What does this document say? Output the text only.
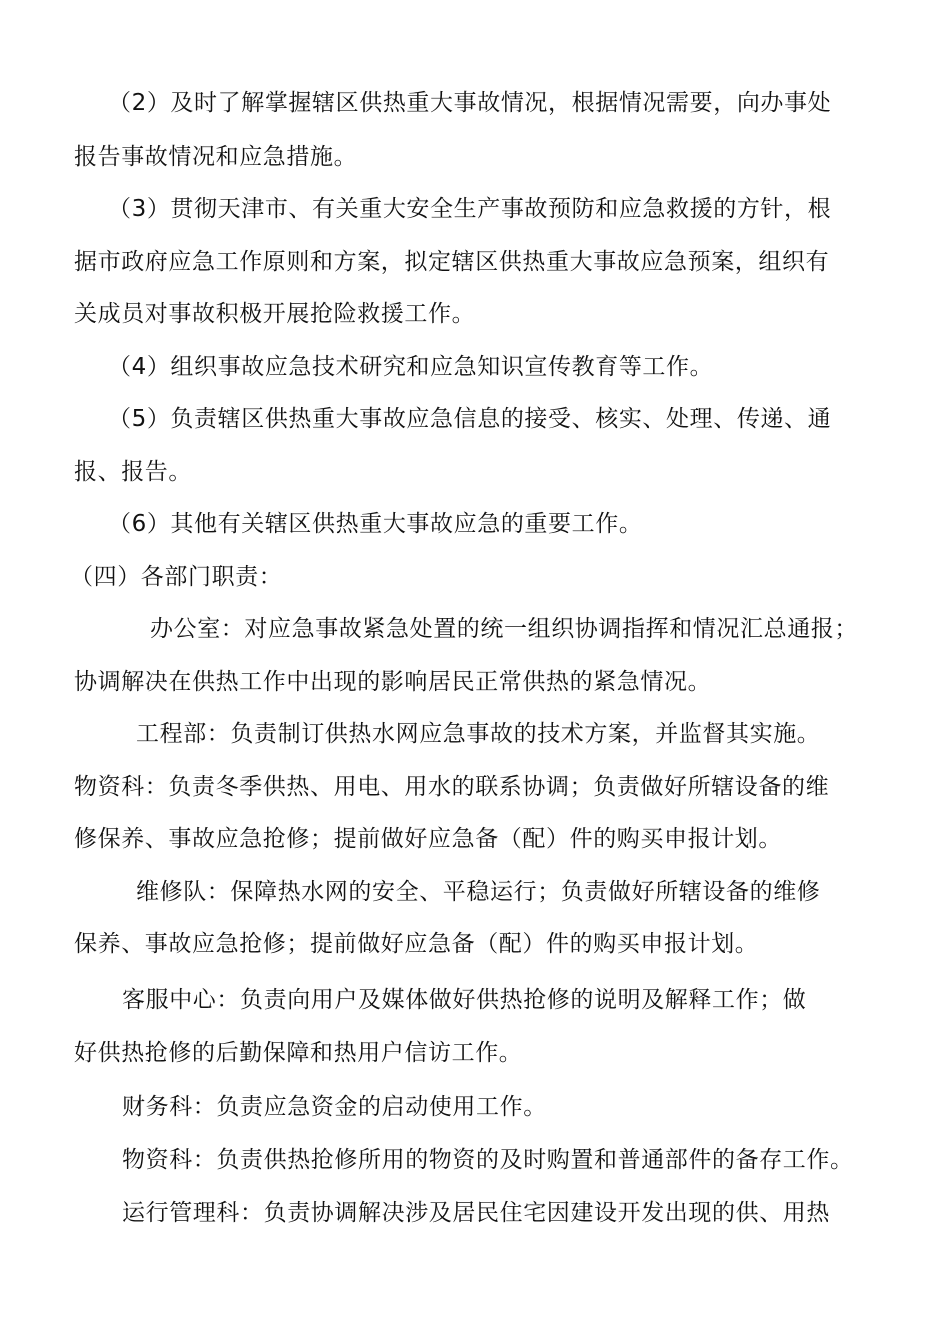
（2）及时了解掌握辖区供热重大事故情况，根据情况需要，向办事处
报告事故情况和应急措施。
（3）贯彻天津市、有关重大安全生产事故预防和应急救援的方针，根
据市政府应急工作原则和方案，拟定辖区供热重大事故应急预案，组织有
关成员对事故积极开展抢险救援工作。
（4）组织事故应急技术研究和应急知识宣传教育等工作。
（5）负责辖区供热重大事故应急信息的接受、核实、处理、传递、通
报、报告。
（6）其他有关辖区供热重大事故应急的重要工作。
（四）各部门职责：
办公室：对应急事故紧急处置的统一组织协调指挥和情况汇总通报；
协调解决在供热工作中出现的影响居民正常供热的紧急情况。
工程部：负责制订供热水网应急事故的技术方案，并监督其实施。
物资科：负责冬季供热、用电、用水的联系协调；负责做好所辖设备的维
修保养、事故应急抢修；提前做好应急备（配）件的购买申报计划。
维修队：保障热水网的安全、平稳运行；负责做好所辖设备的维修
保养、事故应急抢修；提前做好应急备（配）件的购买申报计划。
客服中心：负责向用户及媒体做好供热抢修的说明及解释工作；做
好供热抢修的后勤保障和热用户信访工作。
财务科：负责应急资金的启动使用工作。
物资科：负责供热抢修所用的物资的及时购置和普通部件的备存工作。
运行管理科：负责协调解决涉及居民住宅因建设开发出现的供、用热
